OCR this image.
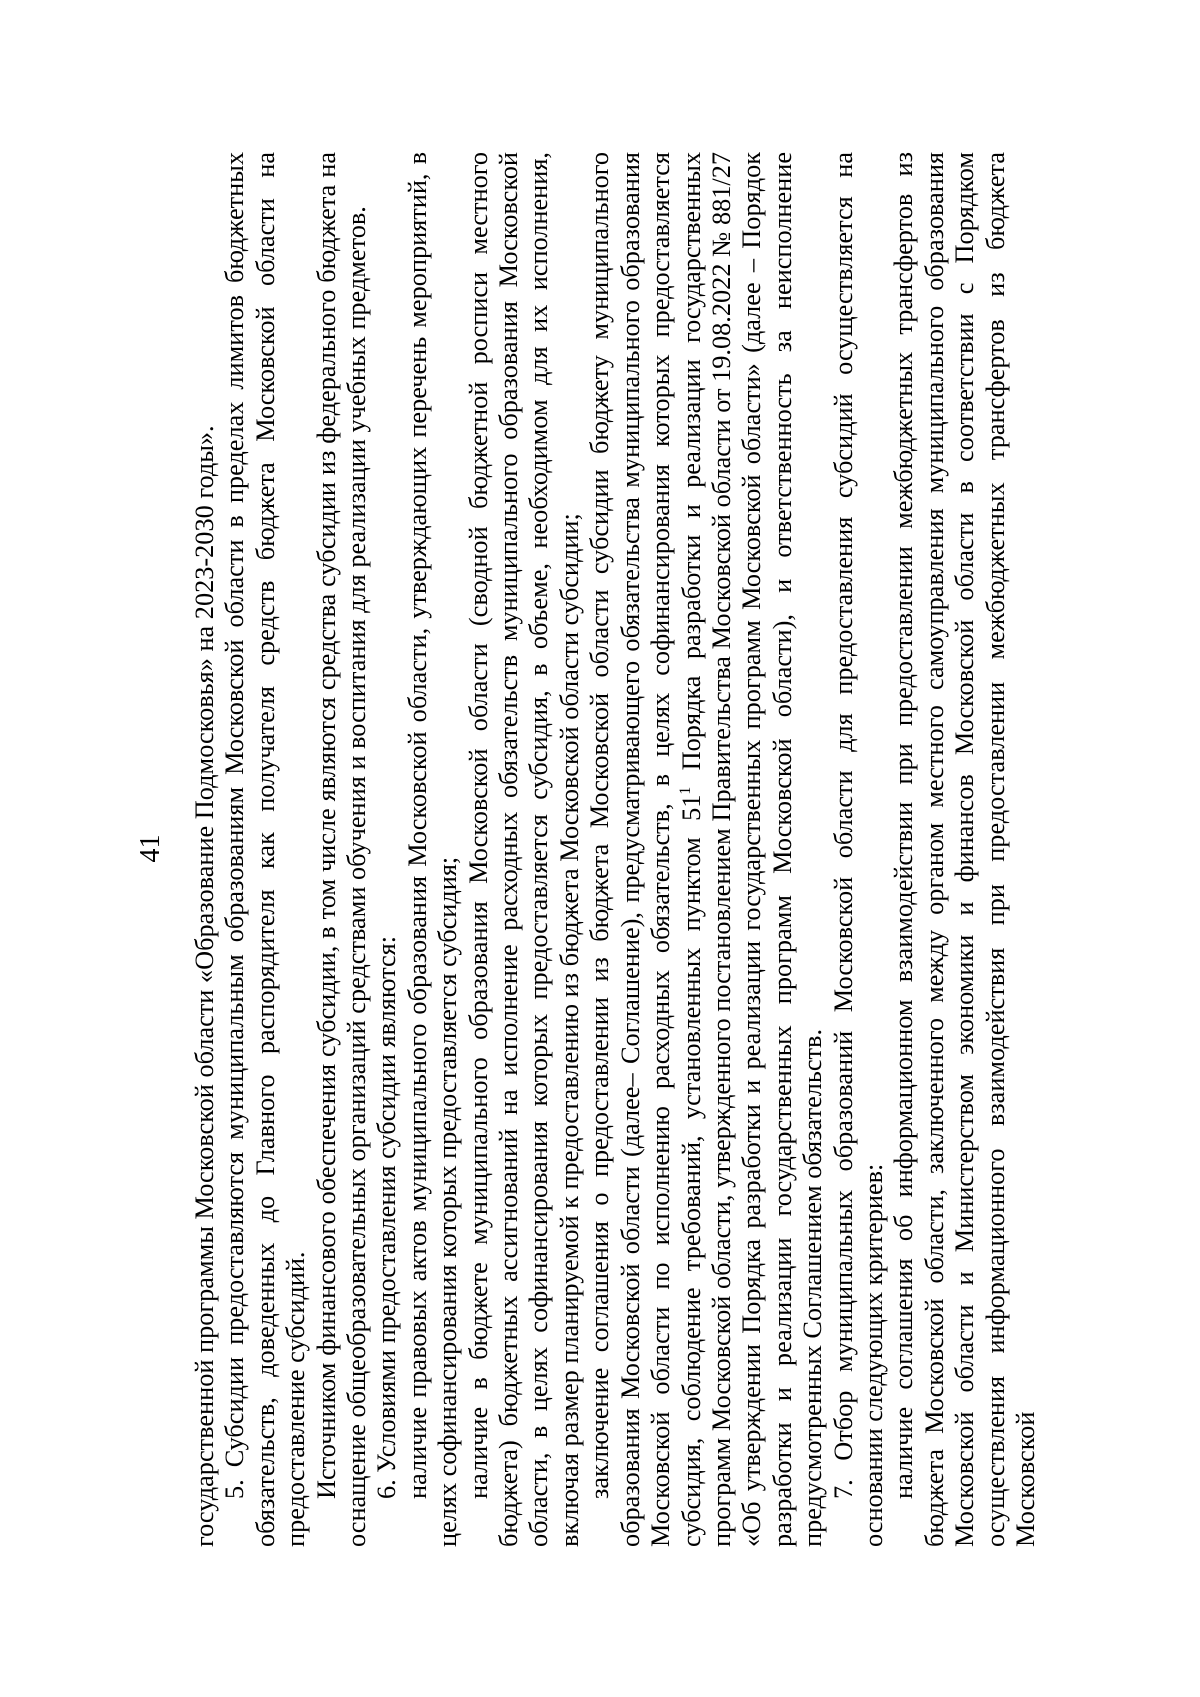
41 государственной программы Московской области «Образование Подмосковья» на 2023-2030 годы». 5. Субсидии предоставляются муниципальным образованиям Московской области в пределах лимитов бюджетных обязательств, доведенных до Главного распорядителя как получателя средств бюджета Московской области на предоставление субсидий. Источником финансового обеспечения субсидии, в том числе являются средства субсидии из федерального бюджета на оснащение общеобразовательных организаций средствами обучения и воспитания для реализации учебных предметов. 6. Условиями предоставления субсидии являются: наличие правовых актов муниципального образования Московской области, утверждающих перечень мероприятий, в целях софинансирования которых предоставляется субсидия; наличие в бюджете муниципального образования Московской области (сводной бюджетной росписи местного бюджета) бюджетных ассигнований на исполнение расходных обязательств муниципального образования Московской области, в целях софинансирования которых предоставляется субсидия, в объеме, необходимом для их исполнения, включая размер планируемой к предоставлению из бюджета Московской области субсидии; заключение соглашения о предоставлении из бюджета Московской области субсидии бюджету муниципального образования Московской области (далее– Соглашение), предусматривающего обязательства муниципального образования Московской области по исполнению расходных обязательств, в целях софинансирования которых предоставляется субсидия, соблюдение требований, установленных пунктом $51^1$ Порядка разработки и реализации государственных программ Московской области, утвержденного постановлением Правительства Московской области от 19.08.2022 № 881/27 «Об утверждении Порядка разработки и реализации государственных программ Московской области» (далее – Порядок разработки и реализации государственных программ Московской области), и ответственность за неисполнение предусмотренных Соглашением обязательств. 7. Отбор муниципальных образований Московской области для предоставления субсидий осуществляется на основании следующих критериев: наличие соглашения об информационном взаимодействии при предоставлении межбюджетных трансфертов из бюджета Московской области, заключенного между органом местного самоуправления муниципального образования Московской области и Министерством экономики и финансов Московской области в соответствии с Порядком осуществления информационного взаимодействия при предоставлении межбюджетных трансфертов из бюджета Московской
